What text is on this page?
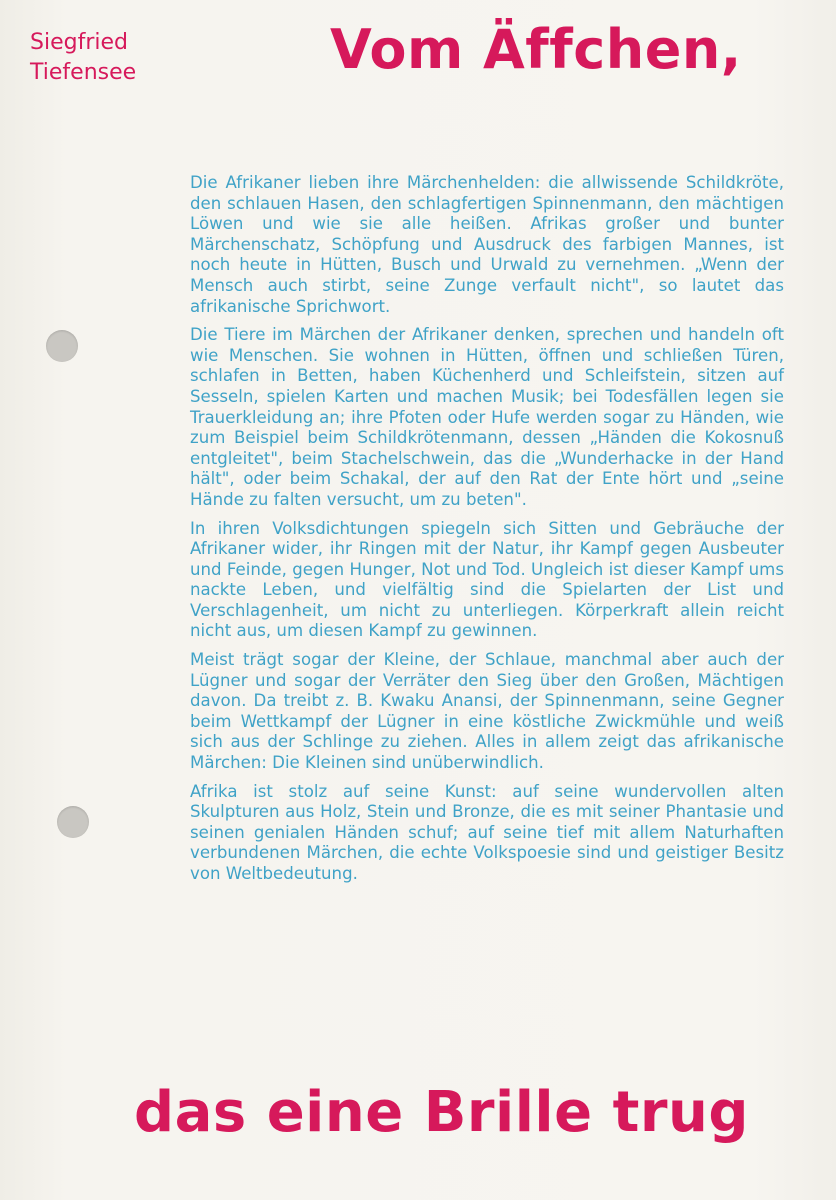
Siegfried
Tiefensee	Vom Äffchen,

Die Afrikaner lieben ihre Märchenhelden: die allwissende Schildkröte, den schlauen Hasen, den schlagfertigen Spinnenmann, den mächtigen Löwen und wie sie alle heißen. Afrikas großer und bunter Märchenschatz, Schöpfung und Ausdruck des farbigen Mannes, ist noch heute in Hütten, Busch und Urwald zu vernehmen. „Wenn der Mensch auch stirbt, seine Zunge verfault nicht", so lautet das afrikanische Sprichwort.

Die Tiere im Märchen der Afrikaner denken, sprechen und handeln oft wie Menschen. Sie wohnen in Hütten, öffnen und schließen Türen, schlafen in Betten, haben Küchenherd und Schleifstein, sitzen auf Sesseln, spielen Karten und machen Musik; bei Todesfällen legen sie Trauerkleidung an; ihre Pfoten oder Hufe werden sogar zu Händen, wie zum Beispiel beim Schildkrötenmann, dessen „Händen die Kokosnuß entgleitet", beim Stachelschwein, das die „Wunderhacke in der Hand hält", oder beim Schakal, der auf den Rat der Ente hört und „seine Hände zu falten versucht, um zu beten".

In ihren Volksdichtungen spiegeln sich Sitten und Gebräuche der Afrikaner wider, ihr Ringen mit der Natur, ihr Kampf gegen Ausbeuter und Feinde, gegen Hunger, Not und Tod. Ungleich ist dieser Kampf ums nackte Leben, und vielfältig sind die Spielarten der List und Verschlagenheit, um nicht zu unterliegen. Körperkraft allein reicht nicht aus, um diesen Kampf zu gewinnen.

Meist trägt sogar der Kleine, der Schlaue, manchmal aber auch der Lügner und sogar der Verräter den Sieg über den Großen, Mächtigen davon. Da treibt z. B. Kwaku Anansi, der Spinnenmann, seine Gegner beim Wettkampf der Lügner in eine köstliche Zwickmühle und weiß sich aus der Schlinge zu ziehen. Alles in allem zeigt das afrikanische Märchen: Die Kleinen sind unüberwindlich.

Afrika ist stolz auf seine Kunst: auf seine wundervollen alten Skulpturen aus Holz, Stein und Bronze, die es mit seiner Phantasie und seinen genialen Händen schuf; auf seine tief mit allem Naturhaften verbundenen Märchen, die echte Volkspoesie sind und geistiger Besitz von Weltbedeutung.

das eine Brille trug
